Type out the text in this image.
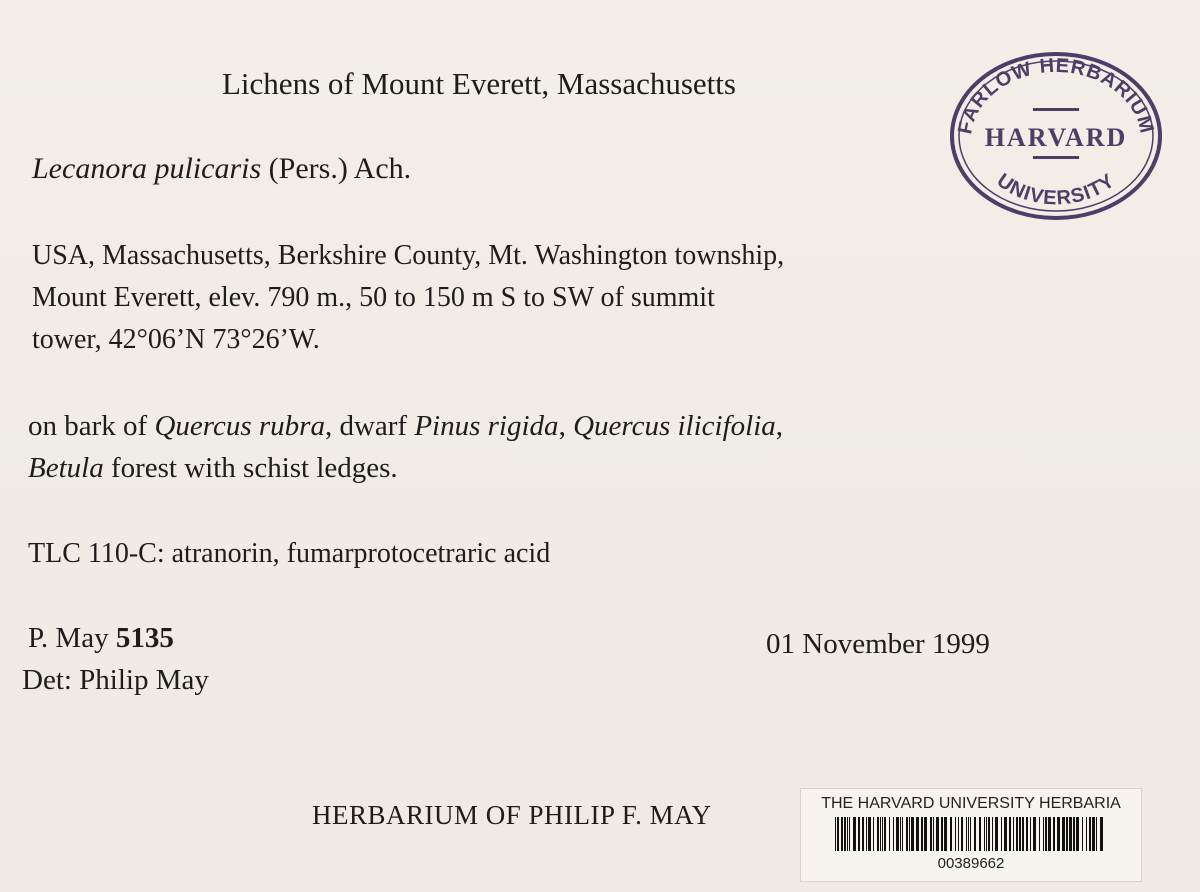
Lichens of Mount Everett, Massachusetts
Lecanora pulicaris (Pers.) Ach.
USA, Massachusetts, Berkshire County, Mt. Washington township,
Mount Everett, elev. 790 m., 50 to 150 m S to SW of summit
tower, 42°06’N 73°26’W.
on bark of Quercus rubra, dwarf Pinus rigida, Quercus ilicifolia,
Betula forest with schist ledges.
TLC 110-C: atranorin, fumarprotocetraric acid
P. May 5135
Det: Philip May
01 November 1999
HERBARIUM OF PHILIP F. MAY
FARLOW HERBARIUM
HARVARD
UNIVERSITY
THE HARVARD UNIVERSITY HERBARIA
00389662
